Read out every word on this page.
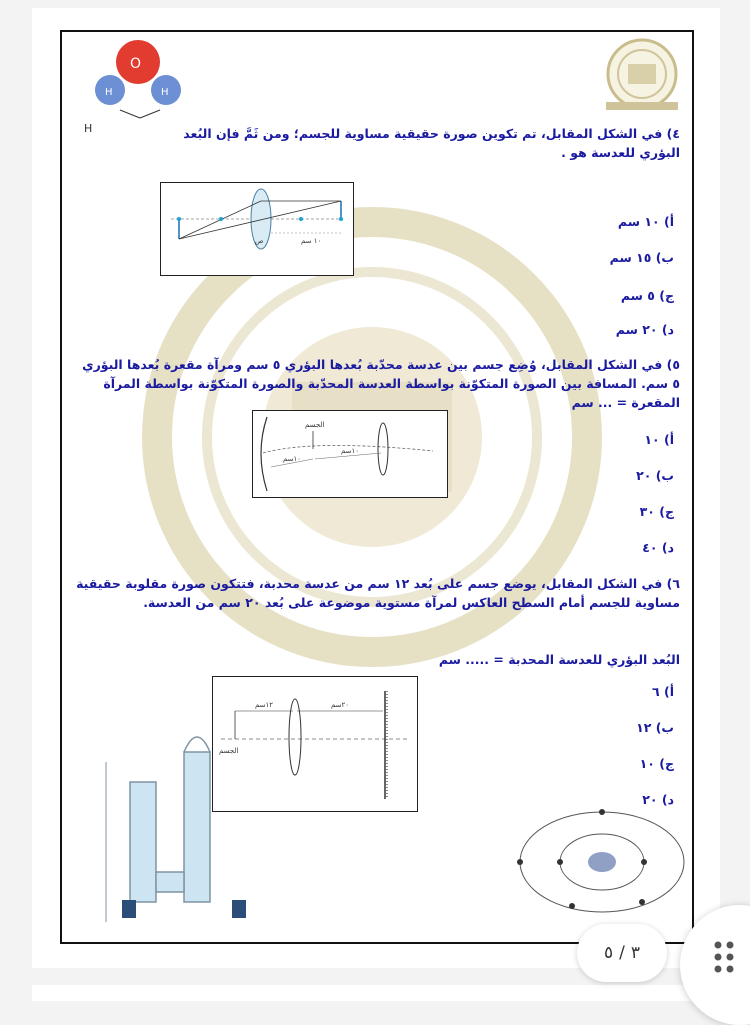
O
H	H
H	٤) في الشكل المقابل، تم تكوين صورة حقيقية مساوية للجسم؛ ومن ثَمَّ فإن البُعد البؤري للعدسة هو .
١٠ سم
ص
أ) ١٠ سم
ب) ١٥ سم
ج) ٥ سم
د) ٢٠ سم
٥) في الشكل المقابل، وُضِع جسم بين عدسة محدّبة بُعدها البؤري ٥ سم ومرآة مقعرة بُعدها البؤري ٥ سم. المسافة بين الصورة المتكوّنة بواسطة العدسة المحدّبة والصورة المتكوّنة بواسطة المرآة المقعرة = ... سم
الجسم
١٠سم
١٠سم
أ) ١٠
ب) ٢٠
ج) ٣٠
د) ٤٠
٦) في الشكل المقابل، يوضع جسم على بُعد ١٢ سم من عدسة محدبة، فتتكون صورة مقلوبة حقيقية مساوية للجسم أمام السطح العاكس لمرآة مستوية موضوعة على بُعد ٢٠ سم من العدسة.
البُعد البؤري للعدسة المحدبة = ..... سم
الجسم
١٢سم	٢٠سم
أ) ٦
ب) ١٢
ج) ١٠
د) ٢٠
٣
/
٥
